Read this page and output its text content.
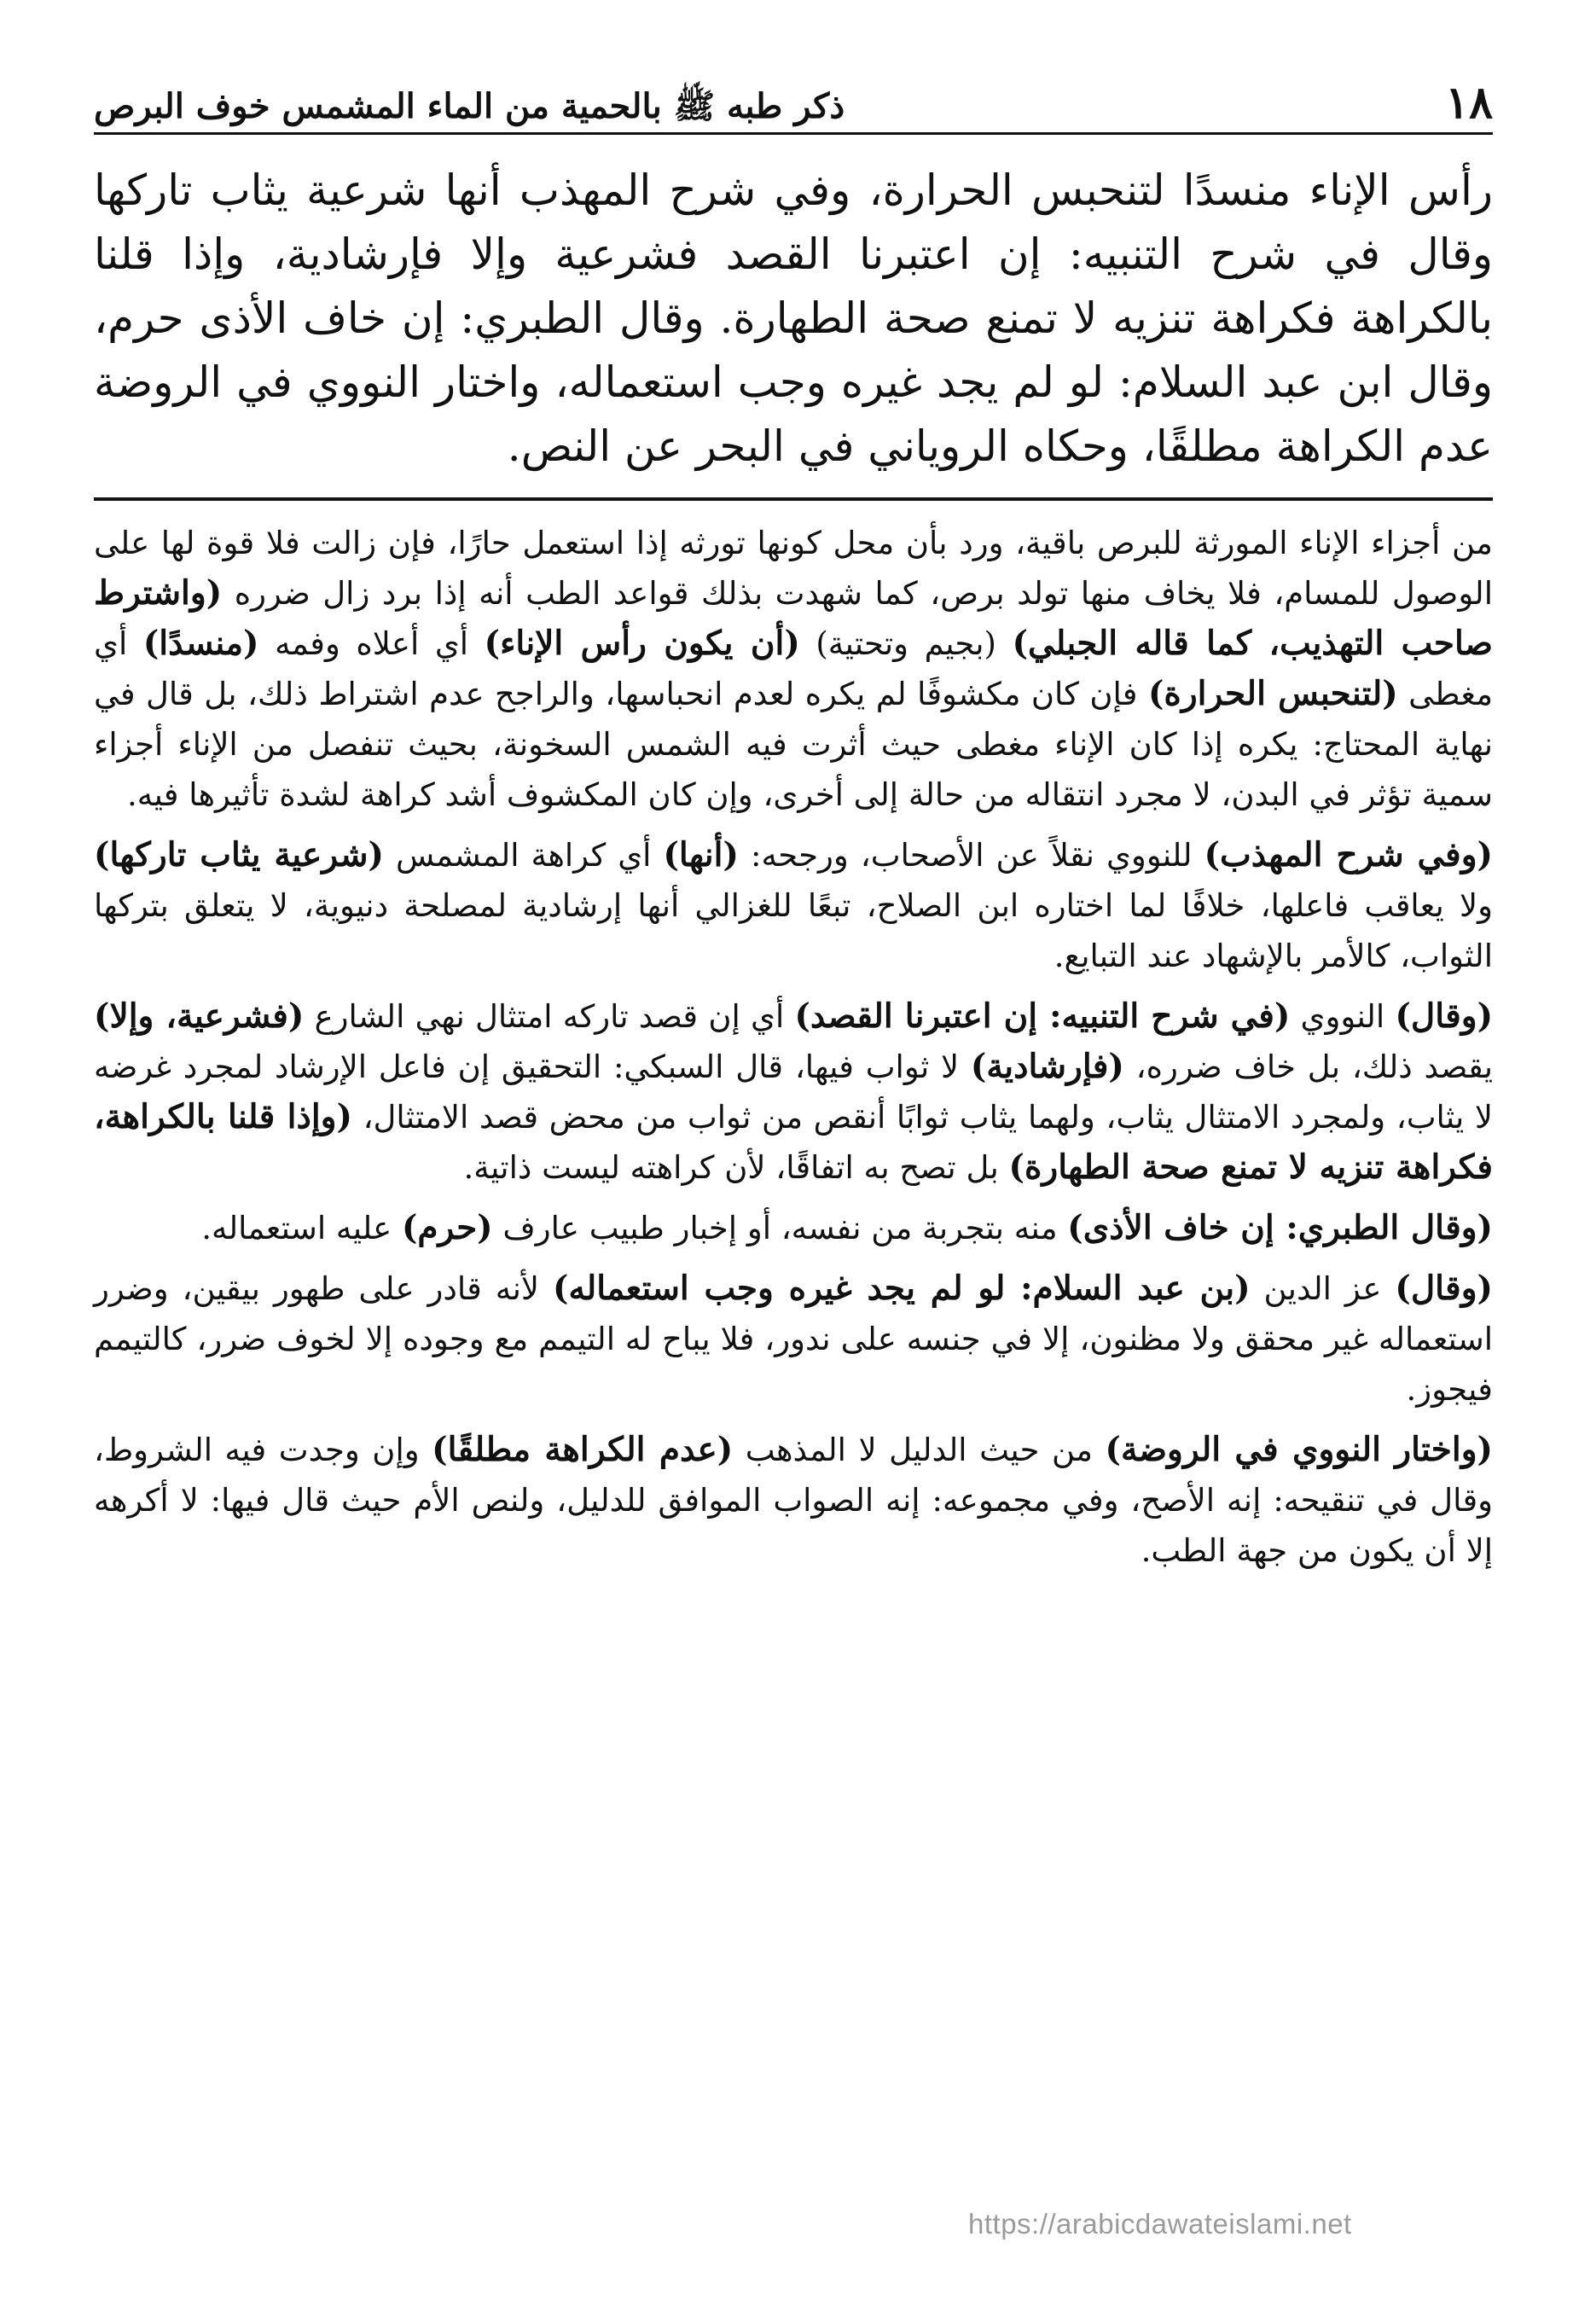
١٨
ذكر طبه ﷺ بالحمية من الماء المشمس خوف البرص
رأس الإناء منسدًا لتنحبس الحرارة، وفي شرح المهذب أنها شرعية يثاب تاركها وقال في شرح التنبيه: إن اعتبرنا القصد فشرعية وإلا فإرشادية، وإذا قلنا بالكراهة فكراهة تنزيه لا تمنع صحة الطهارة. وقال الطبري: إن خاف الأذى حرم، وقال ابن عبد السلام: لو لم يجد غيره وجب استعماله، واختار النووي في الروضة عدم الكراهة مطلقًا، وحكاه الروياني في البحر عن النص.

من أجزاء الإناء المورثة للبرص باقية، ورد بأن محل كونها تورثه إذا استعمل حارًا، فإن زالت فلا قوة لها على الوصول للمسام، فلا يخاف منها تولد برص، كما شهدت بذلك قواعد الطب أنه إذا برد زال ضرره (واشترط صاحب التهذيب، كما قاله الجبلي) (بجيم وتحتية) (أن يكون رأس الإناء) أي أعلاه وفمه (منسدًا) أي مغطى (لتنحبس الحرارة) فإن كان مكشوفًا لم يكره لعدم انحباسها، والراجح عدم اشتراط ذلك، بل قال في نهاية المحتاج: يكره إذا كان الإناء مغطى حيث أثرت فيه الشمس السخونة، بحيث تنفصل من الإناء أجزاء سمية تؤثر في البدن، لا مجرد انتقاله من حالة إلى أخرى، وإن كان المكشوف أشد كراهة لشدة تأثيرها فيه.

(وفي شرح المهذب) للنووي نقلاً عن الأصحاب، ورجحه: (أنها) أي كراهة المشمس (شرعية يثاب تاركها) ولا يعاقب فاعلها، خلافًا لما اختاره ابن الصلاح، تبعًا للغزالي أنها إرشادية لمصلحة دنيوية، لا يتعلق بتركها الثواب، كالأمر بالإشهاد عند التبايع.

(وقال) النووي (في شرح التنبيه: إن اعتبرنا القصد) أي إن قصد تاركه امتثال نهي الشارع (فشرعية، وإلا) يقصد ذلك، بل خاف ضرره، (فإرشادية) لا ثواب فيها، قال السبكي: التحقيق إن فاعل الإرشاد لمجرد غرضه لا يثاب، ولمجرد الامتثال يثاب، ولهما يثاب ثوابًا أنقص من ثواب من محض قصد الامتثال، (وإذا قلنا بالكراهة، فكراهة تنزيه لا تمنع صحة الطهارة) بل تصح به اتفاقًا، لأن كراهته ليست ذاتية.

(وقال الطبري: إن خاف الأذى) منه بتجربة من نفسه، أو إخبار طبيب عارف (حرم) عليه استعماله.

(وقال) عز الدين (بن عبد السلام: لو لم يجد غيره وجب استعماله) لأنه قادر على طهور بيقين، وضرر استعماله غير محقق ولا مظنون، إلا في جنسه على ندور، فلا يباح له التيمم مع وجوده إلا لخوف ضرر، كالتيمم فيجوز.

(واختار النووي في الروضة) من حيث الدليل لا المذهب (عدم الكراهة مطلقًا) وإن وجدت فيه الشروط، وقال في تنقيحه: إنه الأصح، وفي مجموعه: إنه الصواب الموافق للدليل، ولنص الأم حيث قال فيها: لا أكرهه إلا أن يكون من جهة الطب.

https://arabicdawateislami.net
